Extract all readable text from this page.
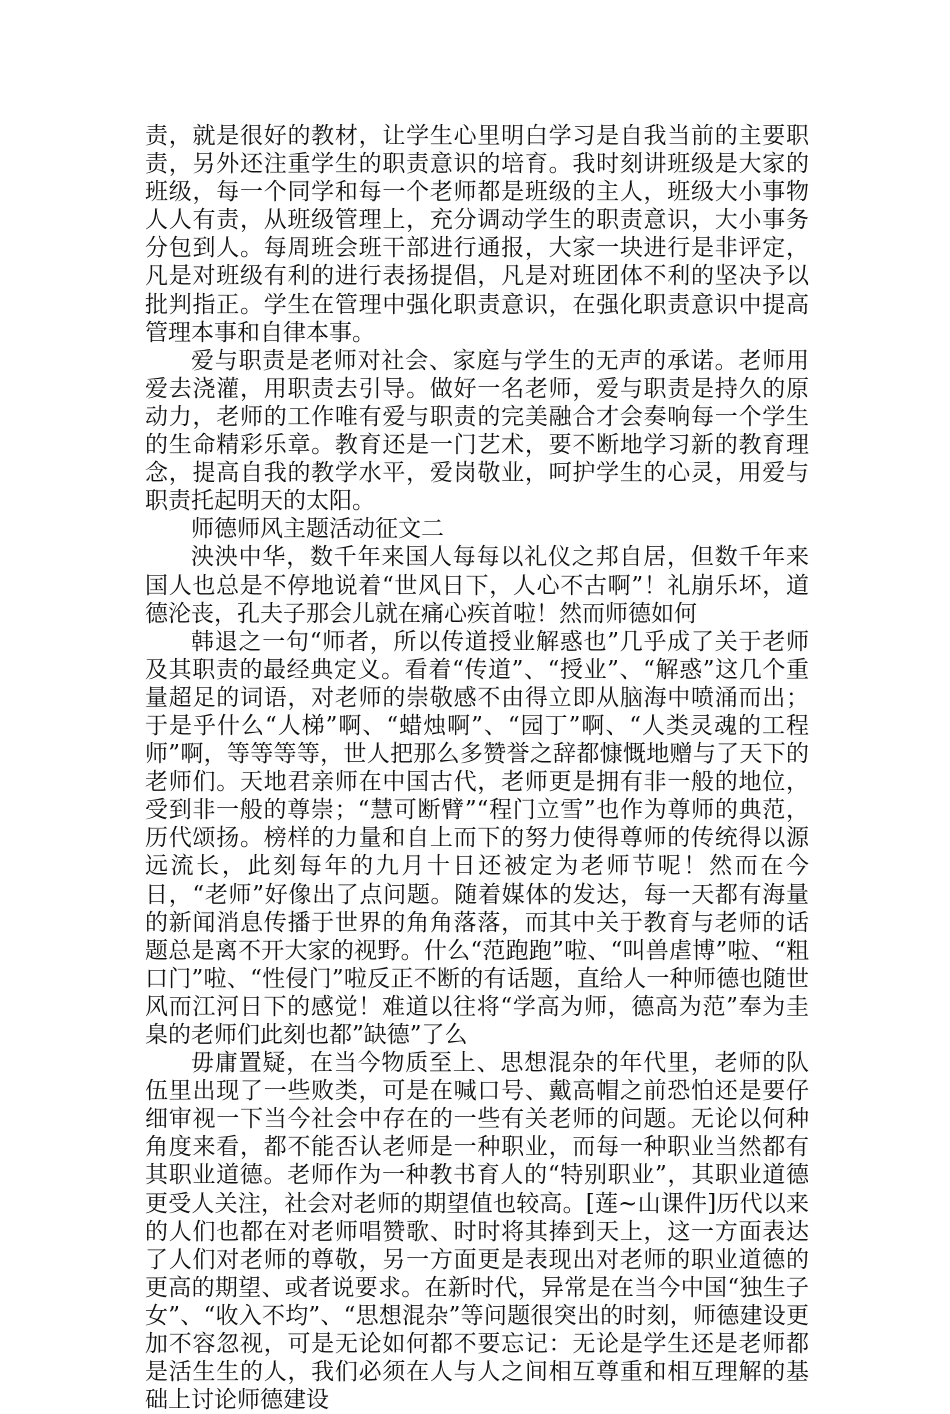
责，就是很好的教材，让学生心里明白学习是自我当前的主要职责，另外还注重学生的职责意识的培育。我时刻讲班级是大家的班级，每一个同学和每一个老师都是班级的主人，班级大小事物人人有责，从班级管理上，充分调动学生的职责意识，大小事务分包到人。每周班会班干部进行通报，大家一块进行是非评定，凡是对班级有利的进行表扬提倡，凡是对班团体不利的坚决予以批判指正。学生在管理中强化职责意识，在强化职责意识中提高管理本事和自律本事。

爱与职责是老师对社会、家庭与学生的无声的承诺。老师用爱去浇灌，用职责去引导。做好一名老师，爱与职责是持久的原动力，老师的工作唯有爱与职责的完美融合才会奏响每一个学生的生命精彩乐章。教育还是一门艺术，要不断地学习新的教育理念，提高自我的教学水平，爱岗敬业，呵护学生的心灵，用爱与职责托起明天的太阳。

师德师风主题活动征文二

泱泱中华，数千年来国人每每以礼仪之邦自居，但数千年来国人也总是不停地说着“世风日下，人心不古啊”！礼崩乐坏，道德沦丧，孔夫子那会儿就在痛心疾首啦！然而师德如何

韩退之一句“师者，所以传道授业解惑也”几乎成了关于老师及其职责的最经典定义。看着“传道”、“授业”、“解惑”这几个重量超足的词语，对老师的崇敬感不由得立即从脑海中喷涌而出；于是乎什么“人梯”啊、“蜡烛啊”、“园丁”啊、“人类灵魂的工程师”啊，等等等等，世人把那么多赞誉之辞都慷慨地赠与了天下的老师们。天地君亲师在中国古代，老师更是拥有非一般的地位，受到非一般的尊崇；“慧可断臂”“程门立雪”也作为尊师的典范，历代颂扬。榜样的力量和自上而下的努力使得尊师的传统得以源远流长，此刻每年的九月十日还被定为老师节呢！然而在今日，“老师”好像出了点问题。随着媒体的发达，每一天都有海量的新闻消息传播于世界的角角落落，而其中关于教育与老师的话题总是离不开大家的视野。什么“范跑跑”啦、“叫兽虐博”啦、“粗口门”啦、“性侵门”啦反正不断的有话题，直给人一种师德也随世风而江河日下的感觉！难道以往将“学高为师，德高为范”奉为圭臬的老师们此刻也都”缺德”了么

毋庸置疑，在当今物质至上、思想混杂的年代里，老师的队伍里出现了一些败类，可是在喊口号、戴高帽之前恐怕还是要仔细审视一下当今社会中存在的一些有关老师的问题。无论以何种角度来看，都不能否认老师是一种职业，而每一种职业当然都有其职业道德。老师作为一种教书育人的“特别职业”，其职业道德更受人关注，社会对老师的期望值也较高。[莲~山课件]历代以来的人们也都在对老师唱赞歌、时时将其捧到天上，这一方面表达了人们对老师的尊敬，另一方面更是表现出对老师的职业道德的更高的期望、或者说要求。在新时代，异常是在当今中国“独生子女”、“收入不均”、“思想混杂”等问题很突出的时刻，师德建设更加不容忽视，可是无论如何都不要忘记：无论是学生还是老师都是活生生的人，我们必须在人与人之间相互尊重和相互理解的基础上讨论师德建设
